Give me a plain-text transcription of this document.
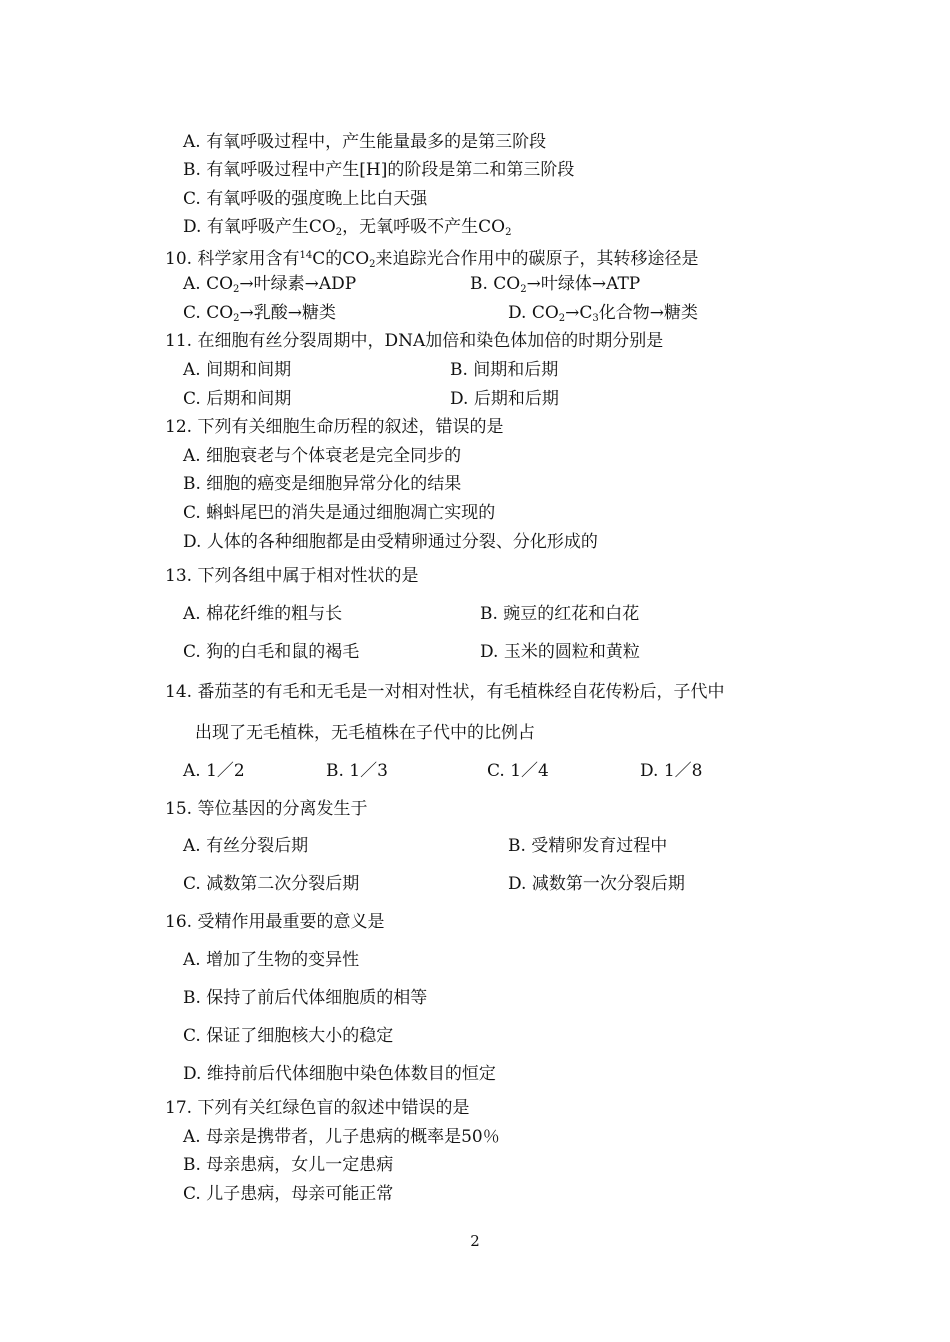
A. 有氧呼吸过程中，产生能量最多的是第三阶段
B. 有氧呼吸过程中产生[H]的阶段是第二和第三阶段
C. 有氧呼吸的强度晚上比白天强
D. 有氧呼吸产生$CO_2$，无氧呼吸不产生$CO_2$
10. 科学家用含有$^{14}$C的$CO_2$来追踪光合作用中的碳原子，其转移途径是
A. $CO_2\to$叶绿素→ADP	B. $CO_2\to$叶绿体→ATP
C. $CO_2\to$乳酸→糖类	D. $CO_2\to C_3$化合物→糖类
11. 在细胞有丝分裂周期中，DNA加倍和染色体加倍的时期分别是
A. 间期和间期	B. 间期和后期
C. 后期和间期	D. 后期和后期
12. 下列有关细胞生命历程的叙述，错误的是
A. 细胞衰老与个体衰老是完全同步的
B. 细胞的癌变是细胞异常分化的结果
C. 蝌蚪尾巴的消失是通过细胞凋亡实现的
D. 人体的各种细胞都是由受精卵通过分裂、分化形成的
13. 下列各组中属于相对性状的是
A. 棉花纤维的粗与长	B. 豌豆的红花和白花
C. 狗的白毛和鼠的褐毛	D. 玉米的圆粒和黄粒
14. 番茄茎的有毛和无毛是一对相对性状，有毛植株经自花传粉后，子代中
出现了无毛植株，无毛植株在子代中的比例占
A. 1／2	B. 1／3	C. 1／4	D. 1／8
15. 等位基因的分离发生于
A. 有丝分裂后期	B. 受精卵发育过程中
C. 减数第二次分裂后期	D. 减数第一次分裂后期
16. 受精作用最重要的意义是
A. 增加了生物的变异性
B. 保持了前后代体细胞质的相等
C. 保证了细胞核大小的稳定
D. 维持前后代体细胞中染色体数目的恒定
17. 下列有关红绿色盲的叙述中错误的是
A. 母亲是携带者，儿子患病的概率是50％
B. 母亲患病，女儿一定患病
C. 儿子患病，母亲可能正常
2
